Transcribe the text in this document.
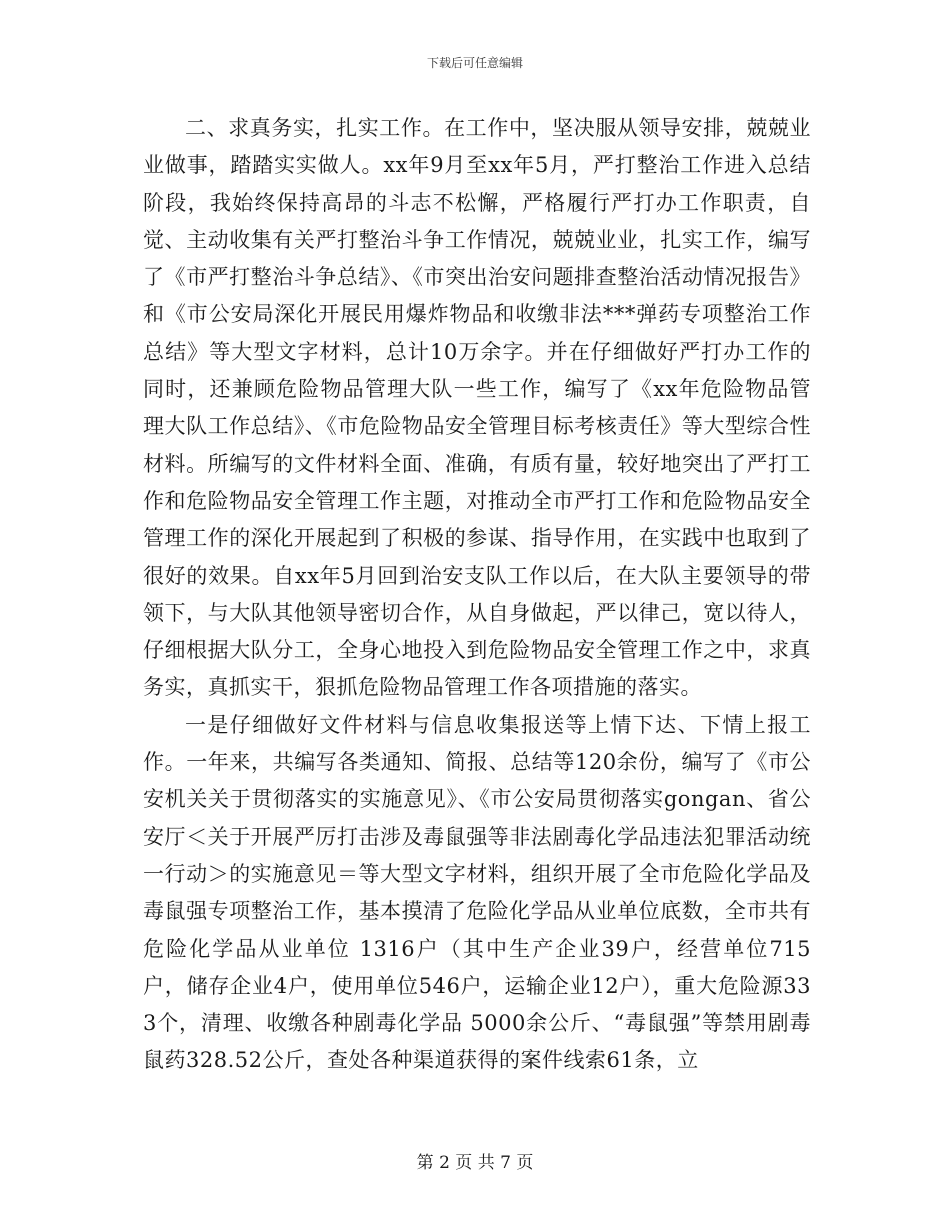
下载后可任意编辑

二、求真务实，扎实工作。在工作中，坚决服从领导安排，兢兢业业做事，踏踏实实做人。xx年9月至xx年5月，严打整治工作进入总结阶段，我始终保持高昂的斗志不松懈，严格履行严打办工作职责，自觉、主动收集有关严打整治斗争工作情况，兢兢业业，扎实工作，编写了《市严打整治斗争总结》、《市突出治安问题排查整治活动情况报告》和《市公安局深化开展民用爆炸物品和收缴非法***弹药专项整治工作总结》等大型文字材料，总计10万余字。并在仔细做好严打办工作的同时，还兼顾危险物品管理大队一些工作，编写了《xx年危险物品管理大队工作总结》、《市危险物品安全管理目标考核责任》等大型综合性材料。所编写的文件材料全面、准确，有质有量，较好地突出了严打工作和危险物品安全管理工作主题，对推动全市严打工作和危险物品安全管理工作的深化开展起到了积极的参谋、指导作用，在实践中也取到了很好的效果。自xx年5月回到治安支队工作以后，在大队主要领导的带领下，与大队其他领导密切合作，从自身做起，严以律己，宽以待人，仔细根据大队分工，全身心地投入到危险物品安全管理工作之中，求真务实，真抓实干，狠抓危险物品管理工作各项措施的落实。

一是仔细做好文件材料与信息收集报送等上情下达、下情上报工作。一年来，共编写各类通知、简报、总结等120余份，编写了《市公安机关关于贯彻落实的实施意见》、《市公安局贯彻落实gongan、省公安厅＜关于开展严厉打击涉及毒鼠强等非法剧毒化学品违法犯罪活动统一行动＞的实施意见＝等大型文字材料，组织开展了全市危险化学品及毒鼠强专项整治工作，基本摸清了危险化学品从业单位底数，全市共有危险化学品从业单位 1316户（其中生产企业39户，经营单位715户，储存企业4户，使用单位546户，运输企业12户），重大危险源333个，清理、收缴各种剧毒化学品 5000余公斤、“毒鼠强”等禁用剧毒鼠药328.52公斤，查处各种渠道获得的案件线索61条，立

第 2 页 共 7 页
